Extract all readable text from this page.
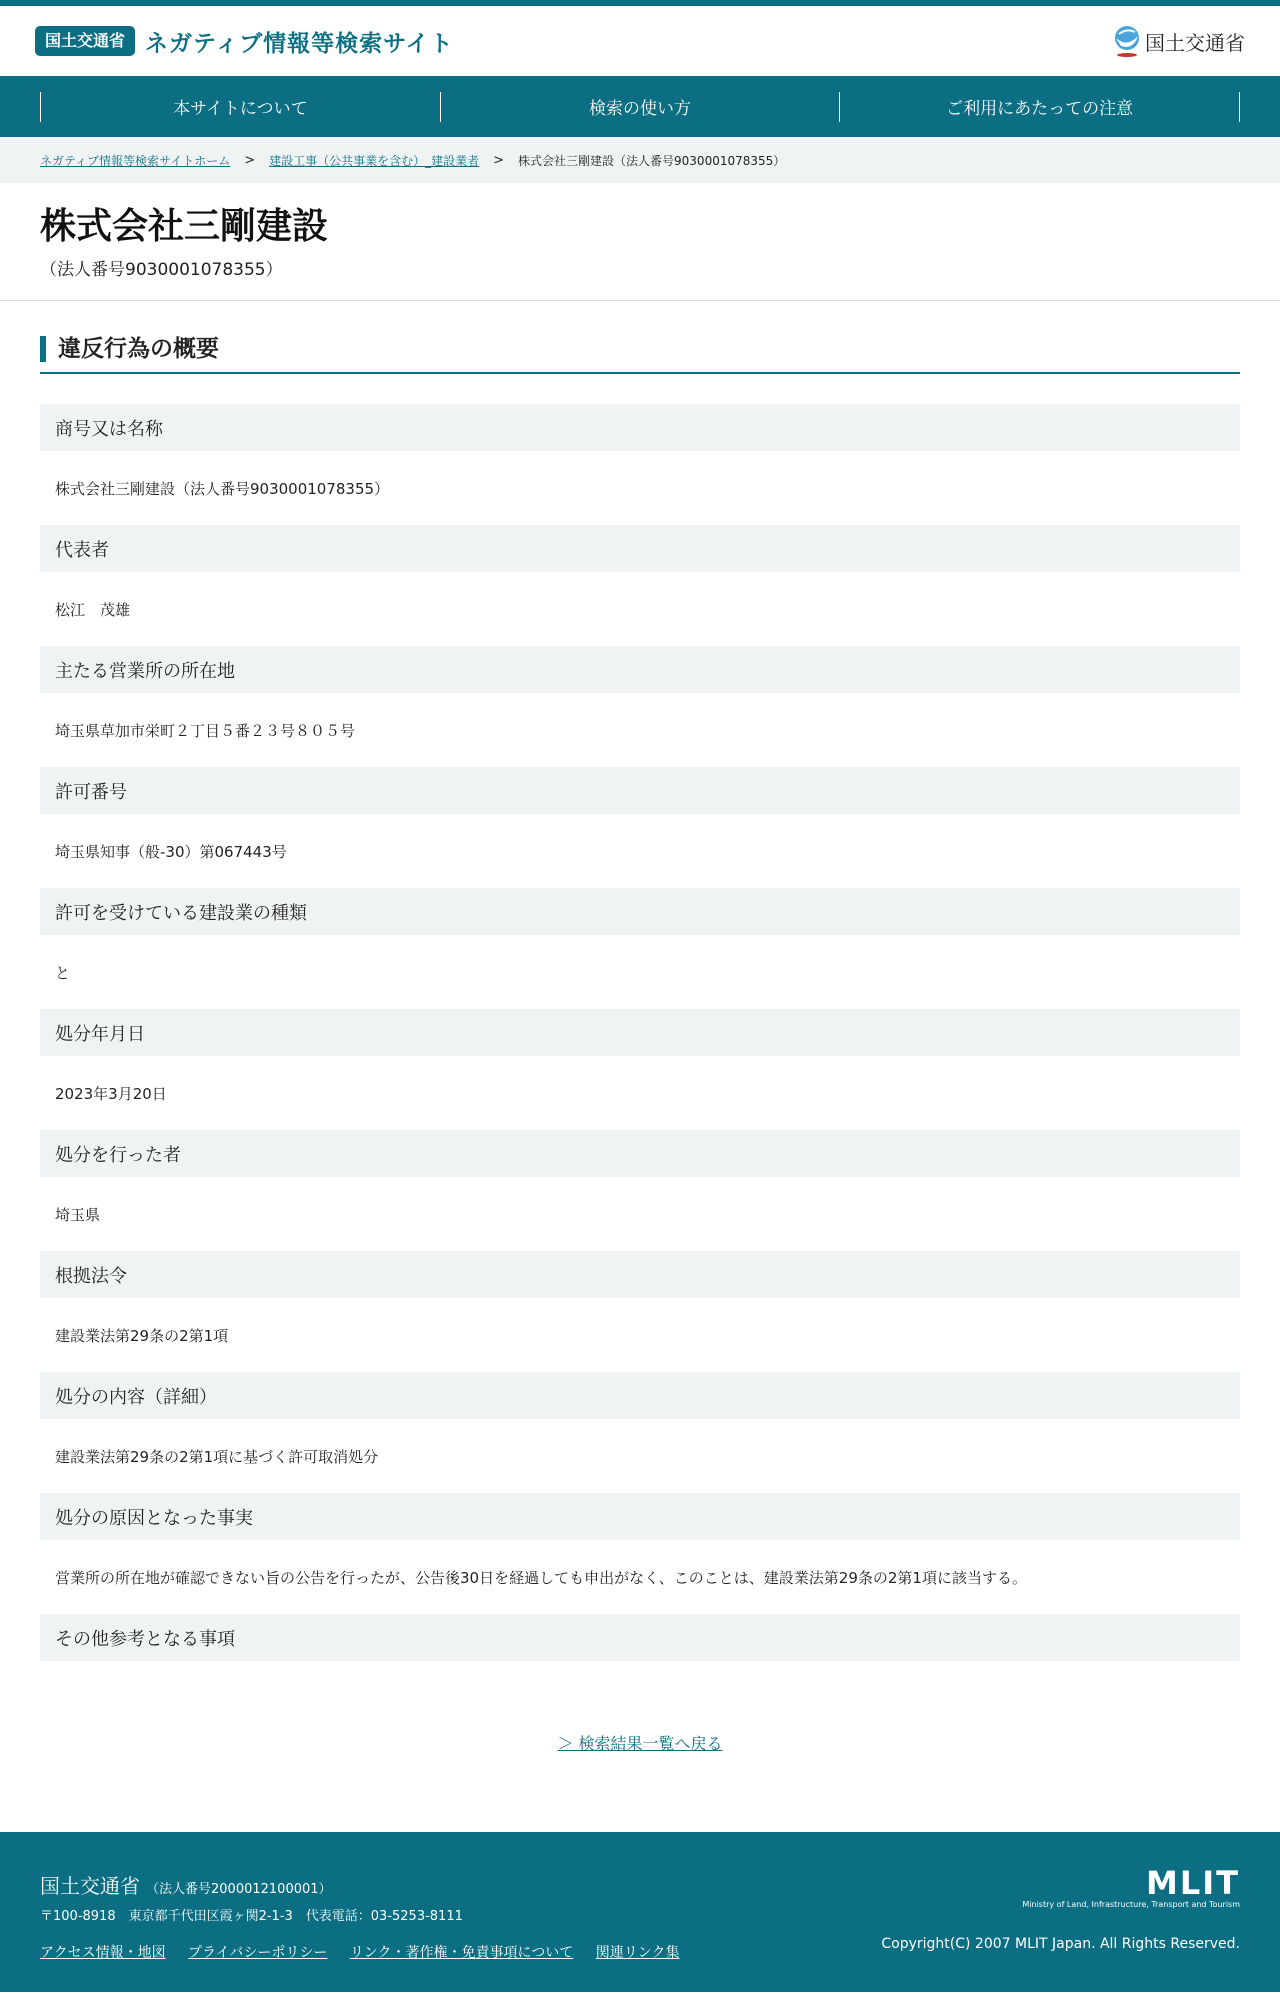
国土交通省 ネガティブ情報等検索サイト	国土交通省
本サイトについて	検索の使い方	ご利用にあたっての注意
ネガティブ情報等検索サイトホーム > 建設工事（公共事業を含む）_建設業者 > 株式会社三剛建設（法人番号9030001078355）
株式会社三剛建設
（法人番号9030001078355）
違反行為の概要
商号又は名称
株式会社三剛建設（法人番号9030001078355）
代表者
松江　茂雄
主たる営業所の所在地
埼玉県草加市栄町２丁目５番２３号８０５号
許可番号
埼玉県知事（般-30）第067443号
許可を受けている建設業の種類
と
処分年月日
2023年3月20日
処分を行った者
埼玉県
根拠法令
建設業法第29条の2第1項
処分の内容（詳細）
建設業法第29条の2第1項に基づく許可取消処分
処分の原因となった事実
営業所の所在地が確認できない旨の公告を行ったが、公告後30日を経過しても申出がなく、このことは、建設業法第29条の2第1項に該当する。
その他参考となる事項
＞ 検索結果一覧へ戻る
国土交通省 （法人番号2000012100001）
〒100-8918　東京都千代田区霞ヶ関2-1-3　代表電話：03-5253-8111
アクセス情報・地図 プライバシーポリシー リンク・著作権・免責事項について 関連リンク集
MLIT
Ministry of Land, Infrastructure, Transport and Tourism
Copyright(C) 2007 MLIT Japan. All Rights Reserved.
